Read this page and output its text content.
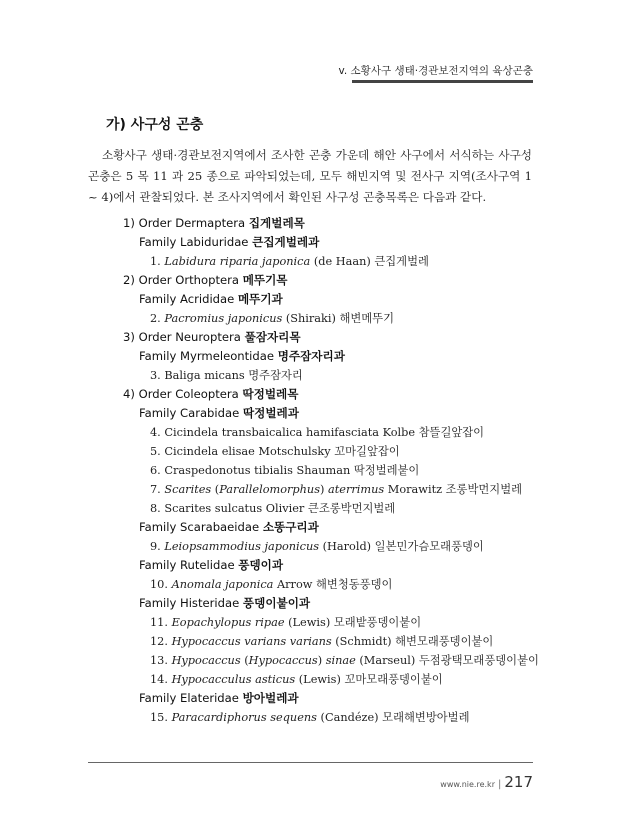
v. 소황사구 생태·경관보전지역의 육상곤충
가) 사구성 곤충
소황사구 생태·경관보전지역에서 조사한 곤충 가운데 해안 사구에서 서식하는 사구성 곤충은 5 목 11 과 25 종으로 파악되었는데, 모두 해빈지역 및 전사구 지역(조사구역 1 ~ 4)에서 관찰되었다. 본 조사지역에서 확인된 사구성 곤충목록은 다음과 같다.
1) Order Dermaptera 집게벌레목
Family Labiduridae 큰집게벌레과
1. Labidura riparia japonica (de Haan) 큰집게벌레
2) Order Orthoptera 메뚜기목
Family Acrididae 메뚜기과
2. Pacromius japonicus (Shiraki) 해변메뚜기
3) Order Neuroptera 풀잠자리목
Family Myrmeleontidae 명주잠자리과
3. Baliga micans 명주잠자리
4) Order Coleoptera 딱정벌레목
Family Carabidae 딱정벌레과
4. Cicindela transbaicalica hamifasciata Kolbe 참뜰길앞잡이
5. Cicindela elisae Motschulsky 꼬마길앞잡이
6. Craspedonotus tibialis Shauman 딱정벌레붙이
7. Scarites (Parallelomorphus) aterrimus Morawitz 조롱박먼지벌레
8. Scarites sulcatus Olivier 큰조롱박먼지벌레
Family Scarabaeidae 소똥구리과
9. Leiopsammodius japonicus (Harold) 일본민가슴모래풍뎅이
Family Rutelidae 풍뎅이과
10. Anomala japonica Arrow 해변청동풍뎅이
Family Histeridae 풍뎅이붙이과
11. Eopachylopus ripae (Lewis) 모래밭풍뎅이붙이
12. Hypocaccus varians varians (Schmidt) 해변모래풍뎅이붙이
13. Hypocaccus (Hypocaccus) sinae (Marseul) 두점광택모래풍뎅이붙이
14. Hypocacculus asticus (Lewis) 꼬마모래풍뎅이붙이
Family Elateridae 방아벌레과
15. Paracardiphorus sequens (Candéze) 모래해변방아벌레
www.nie.re.kr | 217
